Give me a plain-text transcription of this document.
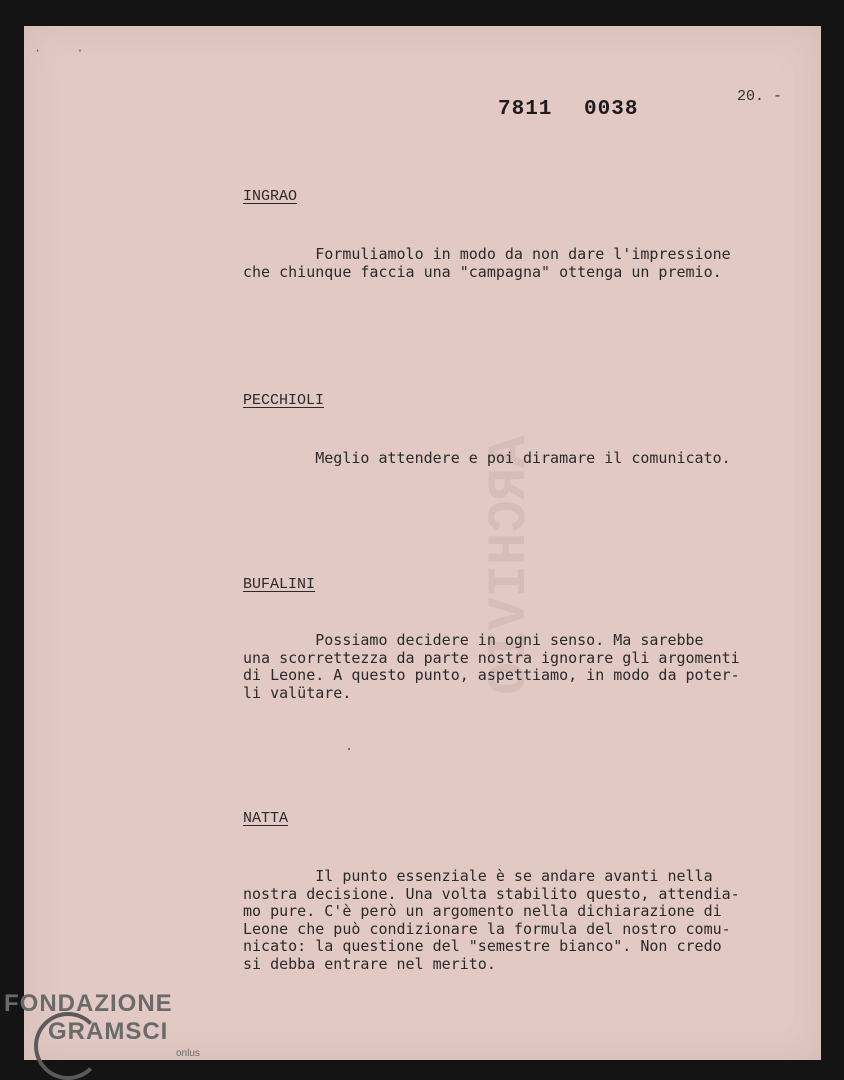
· ·
7811 0038
20. -
ARCHIVIO
INGRAO
Formuliamolo in modo da non dare l'impressione
che chiunque faccia una "campagna" ottenga un premio.
PECCHIOLI
Meglio attendere e poi diramare il comunicato.
BUFALINI
Possiamo decidere in ogni senso. Ma sarebbe
una scorrettezza da parte nostra ignorare gli argomenti
di Leone. A questo punto, aspettiamo, in modo da poter-
li valütare.
NATTA
Il punto essenziale è se andare avanti nella
nostra decisione. Una volta stabilito questo, attendia-
mo pure. C'è però un argomento nella dichiarazione di
Leone che può condizionare la formula del nostro comu-
nicato: la questione del "semestre bianco". Non credo
si debba entrare nel merito.
FONDAZIONE
GRAMSCI
onlus
